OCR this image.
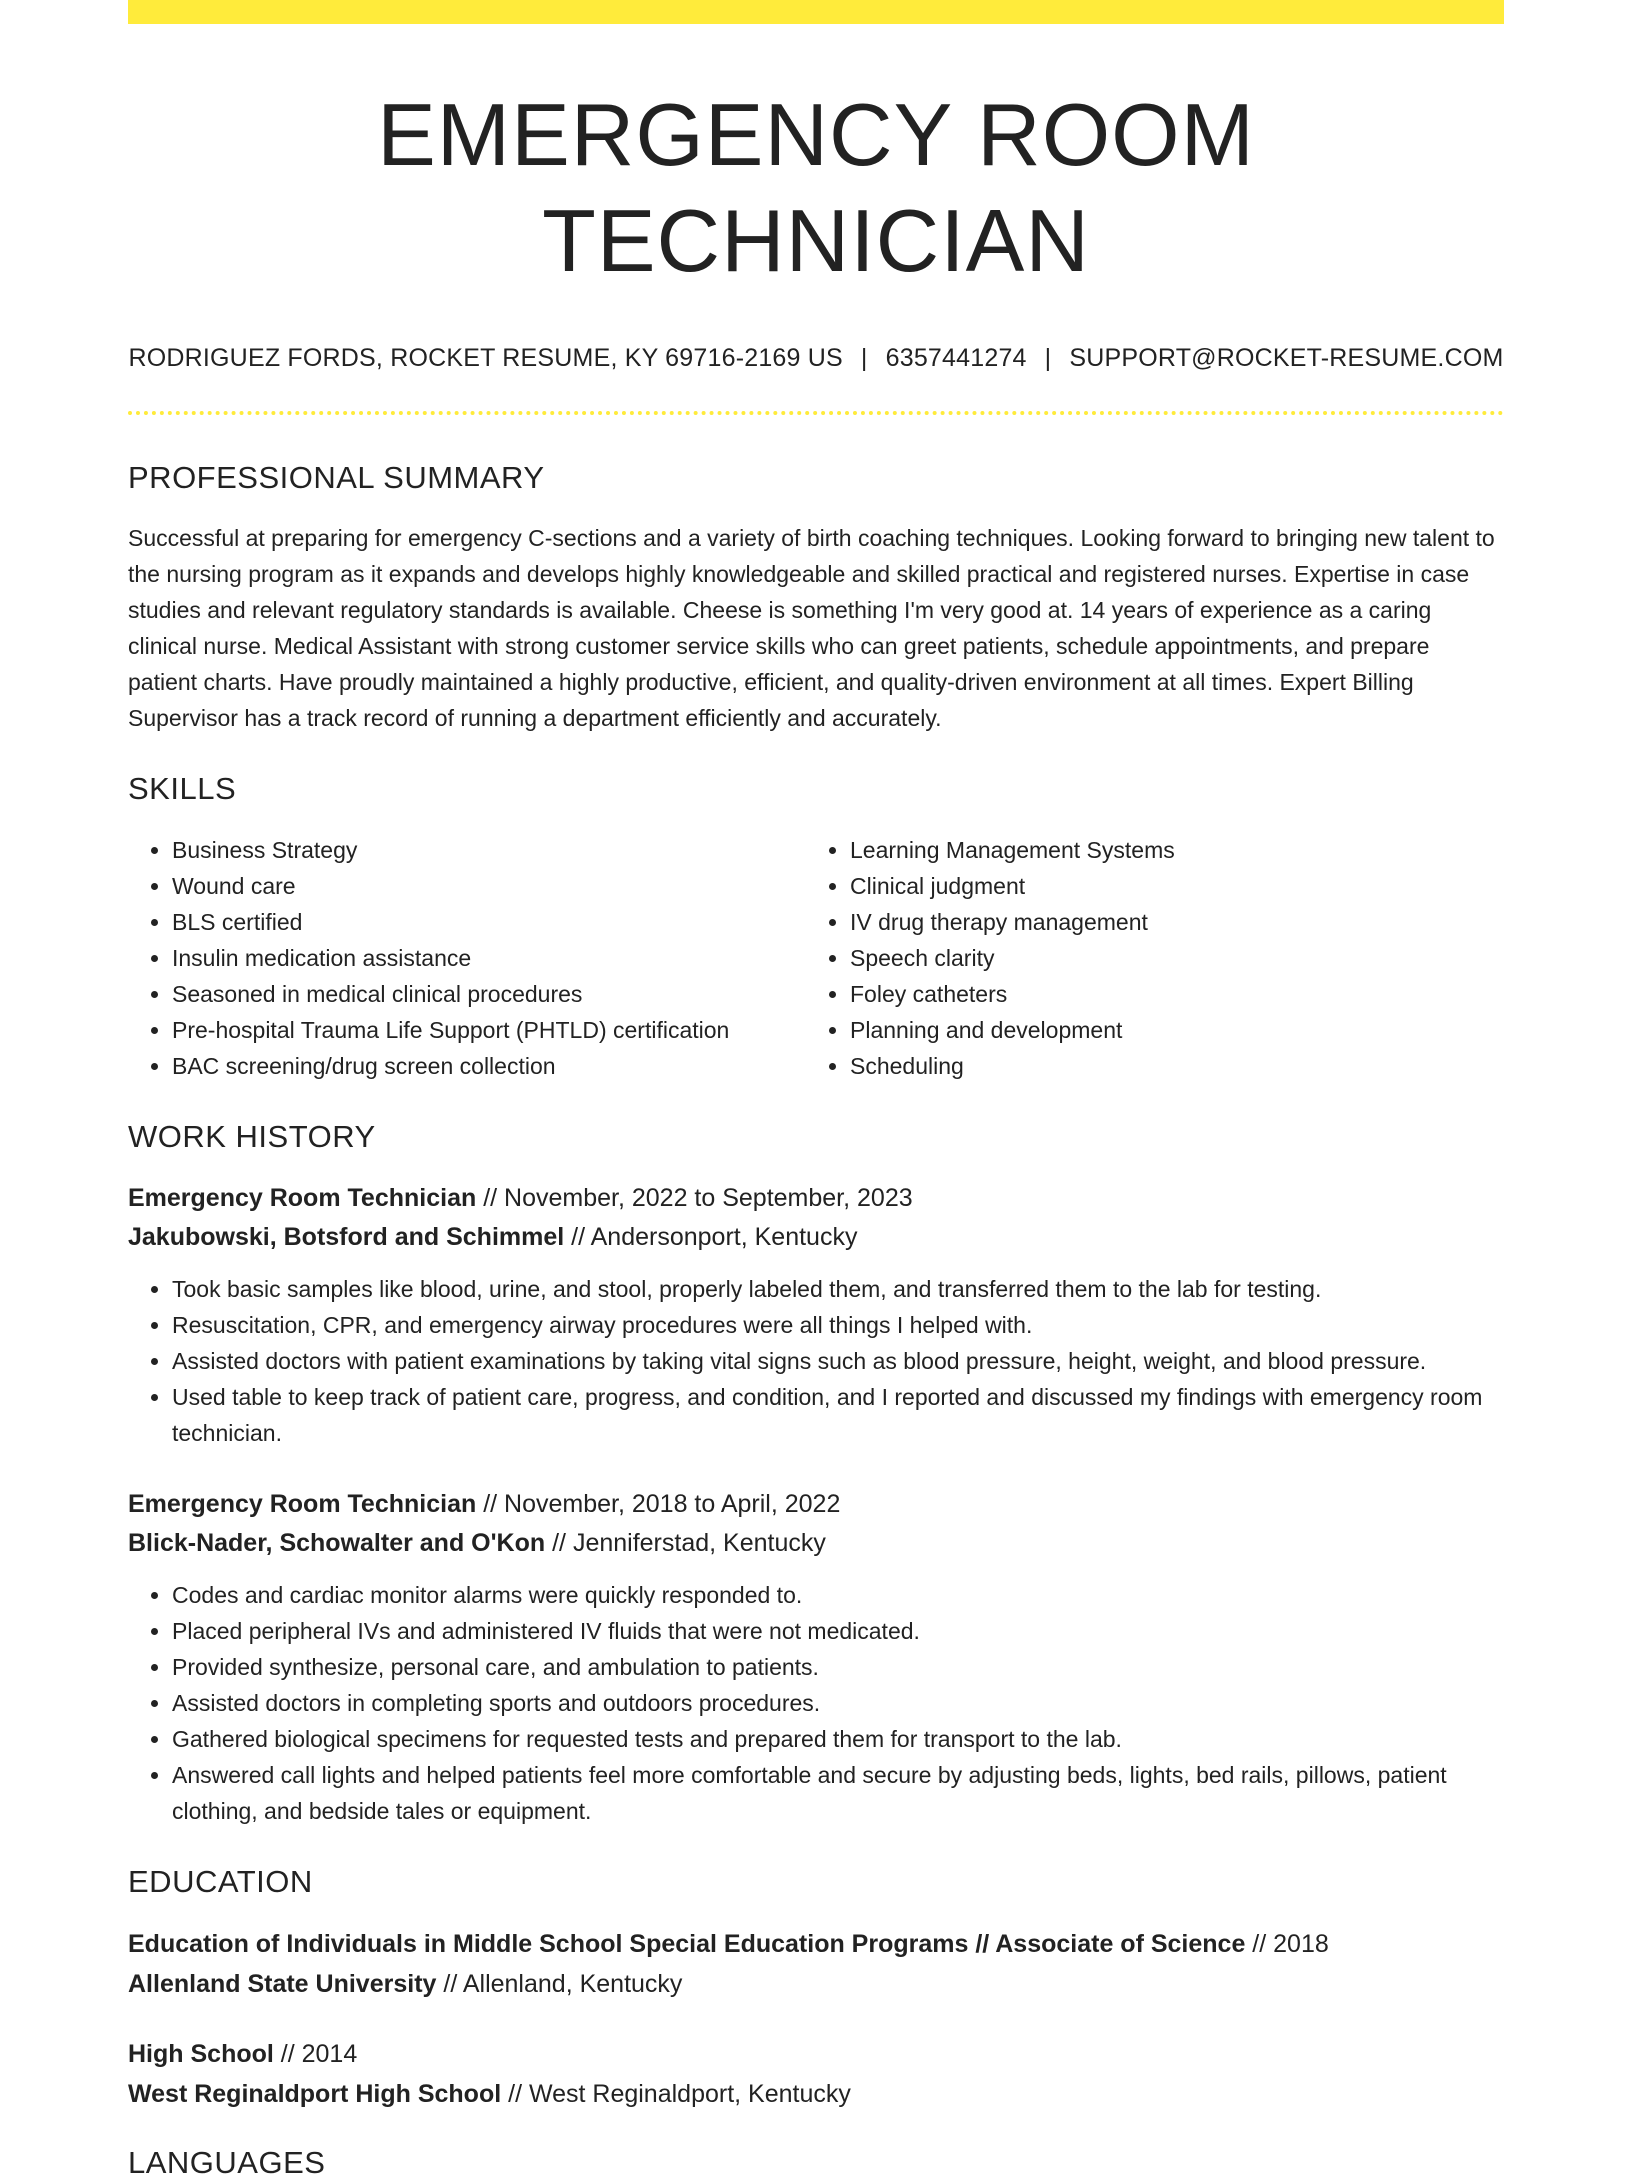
EMERGENCY ROOM TECHNICIAN
RODRIGUEZ FORDS, ROCKET RESUME, KY 69716-2169 US | 6357441274 | SUPPORT@ROCKET-RESUME.COM
PROFESSIONAL SUMMARY

Successful at preparing for emergency C-sections and a variety of birth coaching techniques. Looking forward to bringing new talent to the nursing program as it expands and develops highly knowledgeable and skilled practical and registered nurses. Expertise in case studies and relevant regulatory standards is available. Cheese is something I'm very good at. 14 years of experience as a caring clinical nurse. Medical Assistant with strong customer service skills who can greet patients, schedule appointments, and prepare patient charts. Have proudly maintained a highly productive, efficient, and quality-driven environment at all times. Expert Billing Supervisor has a track record of running a department efficiently and accurately.

SKILLS
• Business Strategy
• Wound care
• BLS certified
• Insulin medication assistance
• Seasoned in medical clinical procedures
• Pre-hospital Trauma Life Support (PHTLD) certification
• BAC screening/drug screen collection
• Learning Management Systems
• Clinical judgment
• IV drug therapy management
• Speech clarity
• Foley catheters
• Planning and development
• Scheduling
WORK HISTORY
Emergency Room Technician // November, 2022 to September, 2023
Jakubowski, Botsford and Schimmel // Andersonport, Kentucky
• Took basic samples like blood, urine, and stool, properly labeled them, and transferred them to the lab for testing.
• Resuscitation, CPR, and emergency airway procedures were all things I helped with.
• Assisted doctors with patient examinations by taking vital signs such as blood pressure, height, weight, and blood pressure.
• Used table to keep track of patient care, progress, and condition, and I reported and discussed my findings with emergency room technician.
Emergency Room Technician // November, 2018 to April, 2022
Blick-Nader, Schowalter and O'Kon // Jenniferstad, Kentucky
• Codes and cardiac monitor alarms were quickly responded to.
• Placed peripheral IVs and administered IV fluids that were not medicated.
• Provided synthesize, personal care, and ambulation to patients.
• Assisted doctors in completing sports and outdoors procedures.
• Gathered biological specimens for requested tests and prepared them for transport to the lab.
• Answered call lights and helped patients feel more comfortable and secure by adjusting beds, lights, bed rails, pillows, patient clothing, and bedside tales or equipment.
EDUCATION
Education of Individuals in Middle School Special Education Programs // Associate of Science // 2018
Allenland State University // Allenland, Kentucky
High School // 2014
West Reginaldport High School // West Reginaldport, Kentucky
LANGUAGES
